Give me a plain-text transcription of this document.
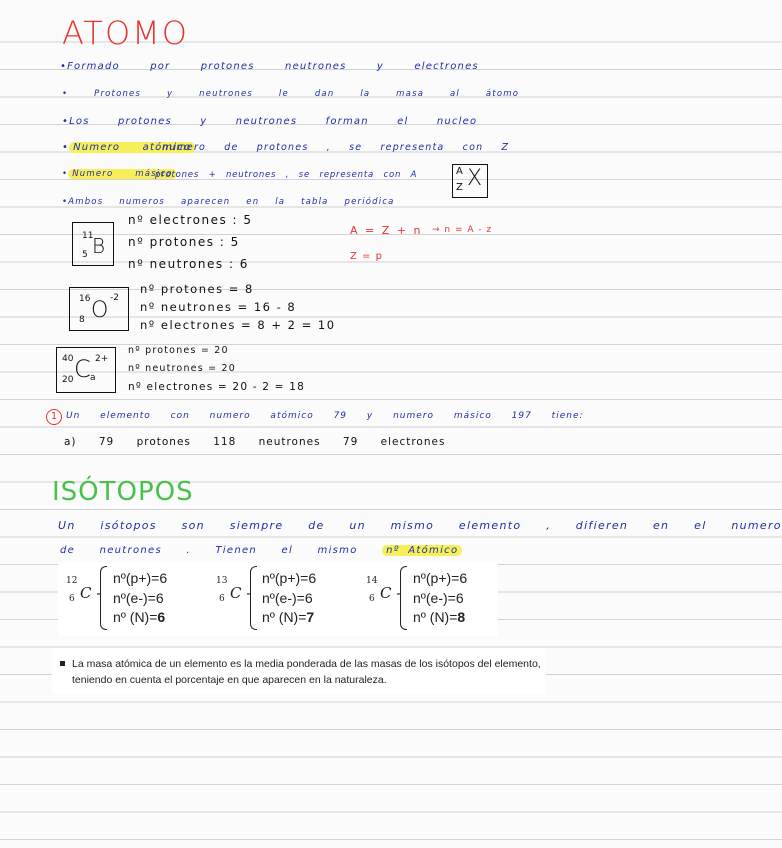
ATOMO
•Formado por protones neutrones y electrones
• Protones y neutrones le dan la masa al átomo
•Los protones y neutrones forman el nucleo
• Numero atómico
numero de protones , se representa con Z
• Numero másico
protones + neutrones , se representa con A
•Ambos numeros aparecen en la tabla periódica
A
Z X
A = Z + n → n = A - z
Z = p
11
5 B
nº electrones : 5
nº protones : 5
nº neutrones : 6
16
8 O -2
nº protones = 8
nº neutrones = 16 - 8
nº electrones = 8 + 2 = 10
40
20 C a
2+
nº protones = 20
nº neutrones = 20
nº electrones = 20 - 2 = 18
1 Un elemento con numero atómico 79 y numero másico 197 tiene:
a) 79 protones 118 neutrones 79 electrones
ISÓTOPOS
Un isótopos son siempre de un mismo elemento , difieren en el numero
de neutrones . Tienen el mismo	nº Atómico
12
6 C -
nº(p+)=6
nº(e-)=6
nº (N)=6
13
6 C -
nº(p+)=6
nº(e-)=6
nº (N)=7
14
6 C -
nº(p+)=6
nº(e-)=6
nº (N)=8
La masa atómica de un elemento es la media ponderada de las masas de los isótopos del elemento, teniendo en cuenta el porcentaje en que aparecen en la naturaleza.
